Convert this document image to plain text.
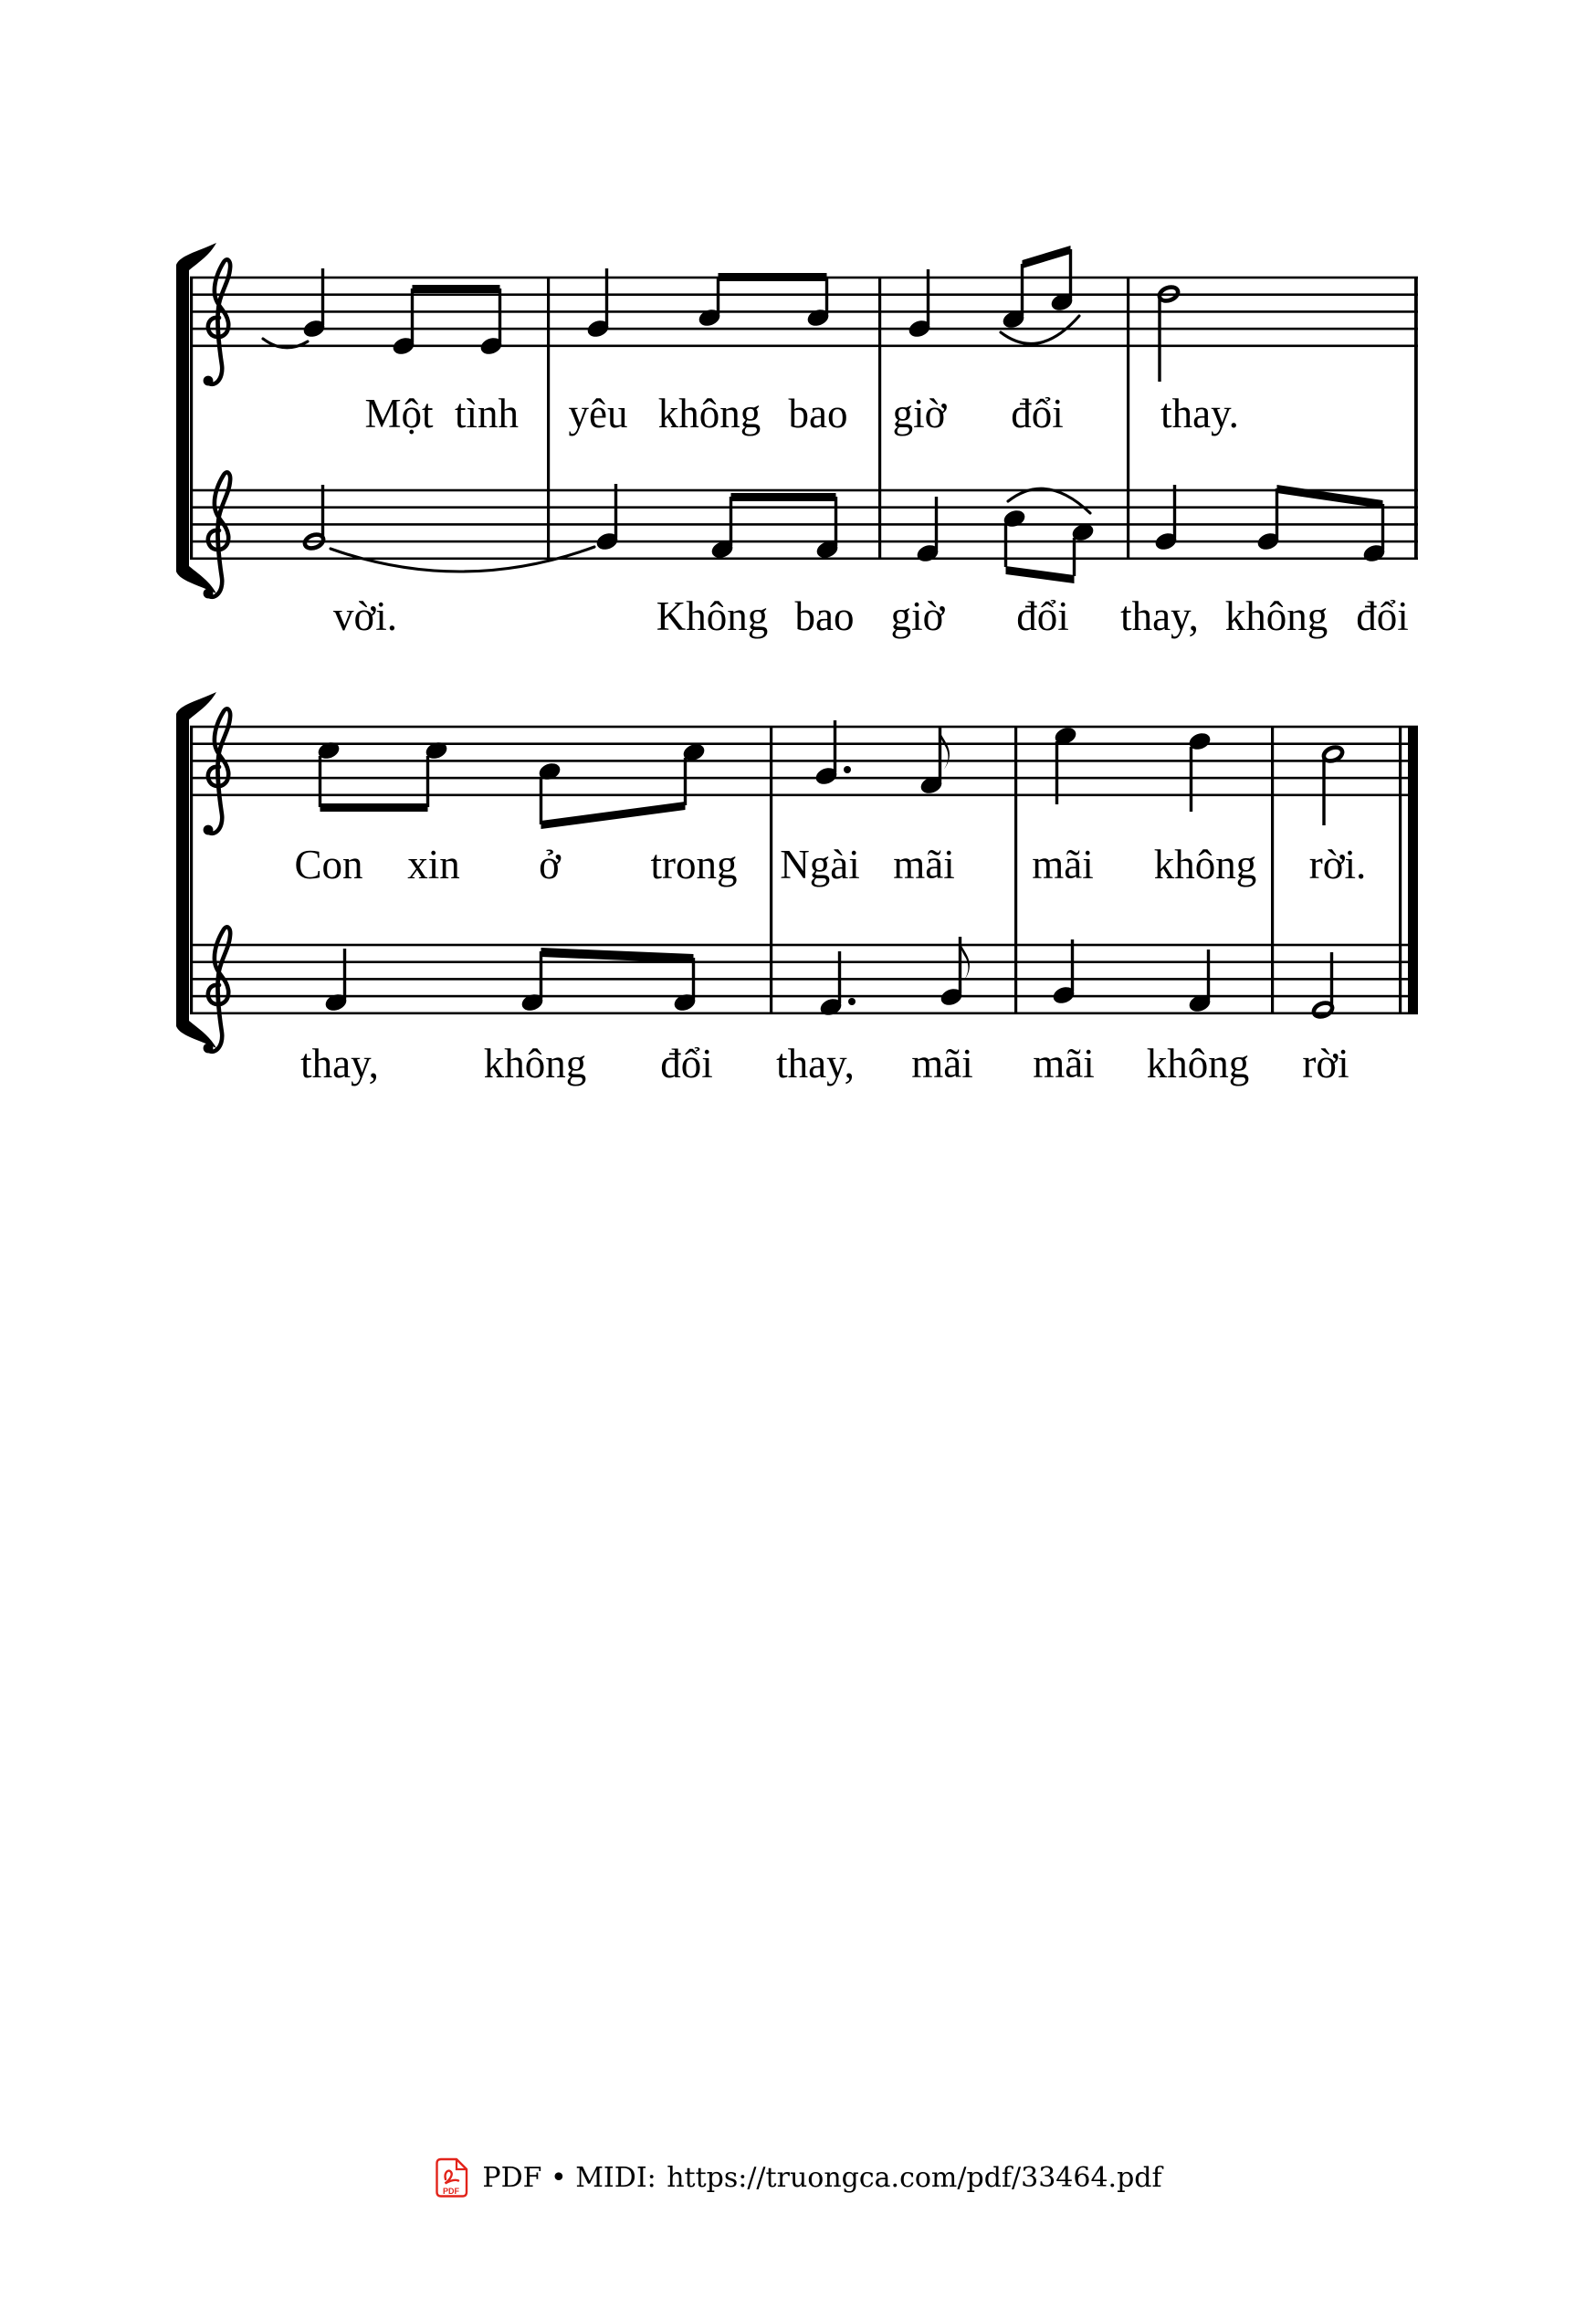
Một tình yêu không bao giờ đổi thay.
vời.	Không bao giờ đổi thay, không đổi
Con xin ở trong Ngài mãi mãi không rời.
thay,	không đổi thay, mãi mãi không rời
PDF PDF • MIDI: https://truongca.com/pdf/33464.pdf
